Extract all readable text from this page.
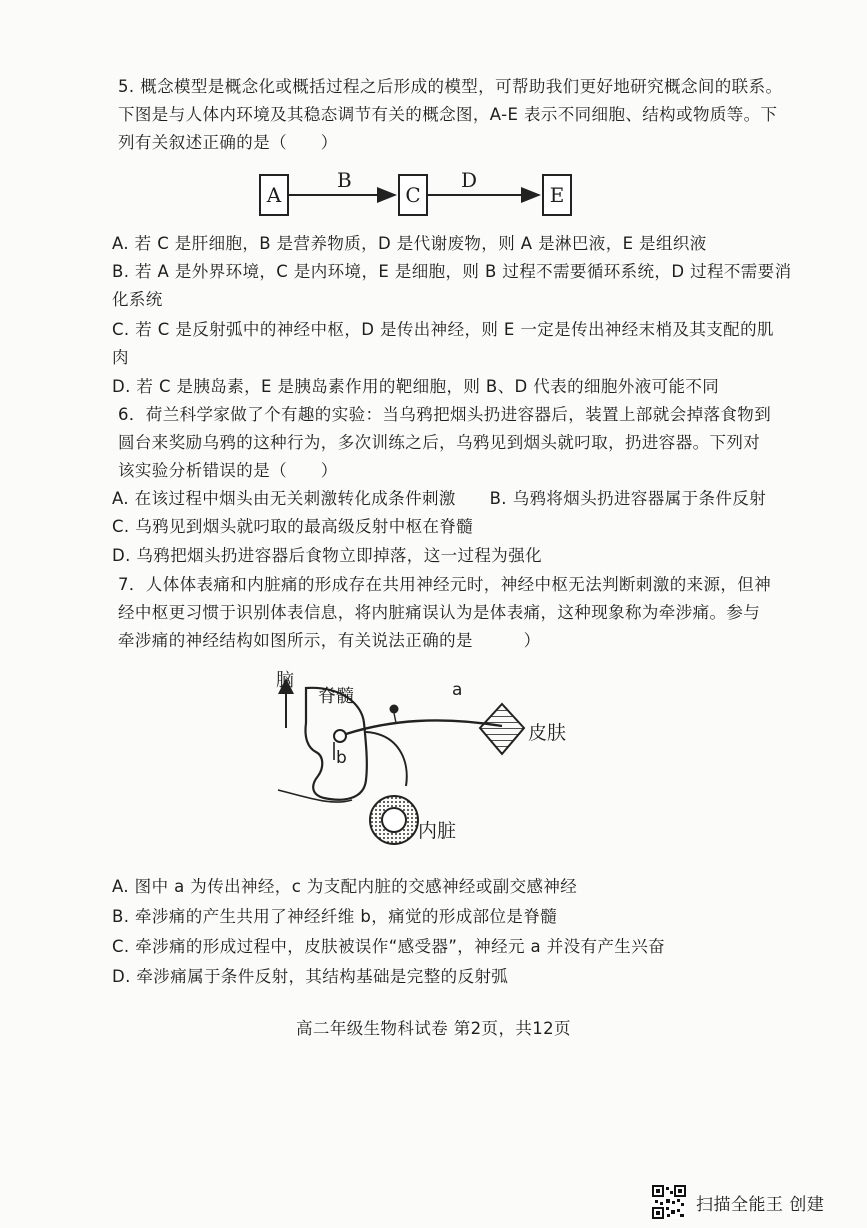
5. 概念模型是概念化或概括过程之后形成的模型，可帮助我们更好地研究概念间的联系。
下图是与人体内环境及其稳态调节有关的概念图，A-E 表示不同细胞、结构或物质等。下
列有关叙述正确的是（　　）
A	C	E
B	D
A. 若 C 是肝细胞，B 是营养物质，D 是代谢废物，则 A 是淋巴液，E 是组织液
B. 若 A 是外界环境，C 是内环境，E 是细胞，则 B 过程不需要循环系统，D 过程不需要消
化系统
C. 若 C 是反射弧中的神经中枢，D 是传出神经，则 E 一定是传出神经末梢及其支配的肌
肉
D. 若 C 是胰岛素，E 是胰岛素作用的靶细胞，则 B、D 代表的细胞外液可能不同
6．荷兰科学家做了个有趣的实验：当乌鸦把烟头扔进容器后，装置上部就会掉落食物到
圆台来奖励乌鸦的这种行为，多次训练之后，乌鸦见到烟头就叼取，扔进容器。下列对
该实验分析错误的是（　　）
A. 在该过程中烟头由无关刺激转化成条件刺激　　B. 乌鸦将烟头扔进容器属于条件反射
C. 乌鸦见到烟头就叼取的最高级反射中枢在脊髓
D. 乌鸦把烟头扔进容器后食物立即掉落，这一过程为强化
7．人体体表痛和内脏痛的形成存在共用神经元时，神经中枢无法判断刺激的来源，但神
经中枢更习惯于识别体表信息，将内脏痛误认为是体表痛，这种现象称为牵涉痛。参与
牵涉痛的神经结构如图所示，有关说法正确的是　　　）
脑
脊髓	a
b
皮肤
内脏
A. 图中 a 为传出神经，c 为支配内脏的交感神经或副交感神经
B. 牵涉痛的产生共用了神经纤维 b，痛觉的形成部位是脊髓
C. 牵涉痛的形成过程中，皮肤被误作“感受器”，神经元 a 并没有产生兴奋
D. 牵涉痛属于条件反射，其结构基础是完整的反射弧
高二年级生物科试卷 第2页，共12页
扫描全能王 创建
